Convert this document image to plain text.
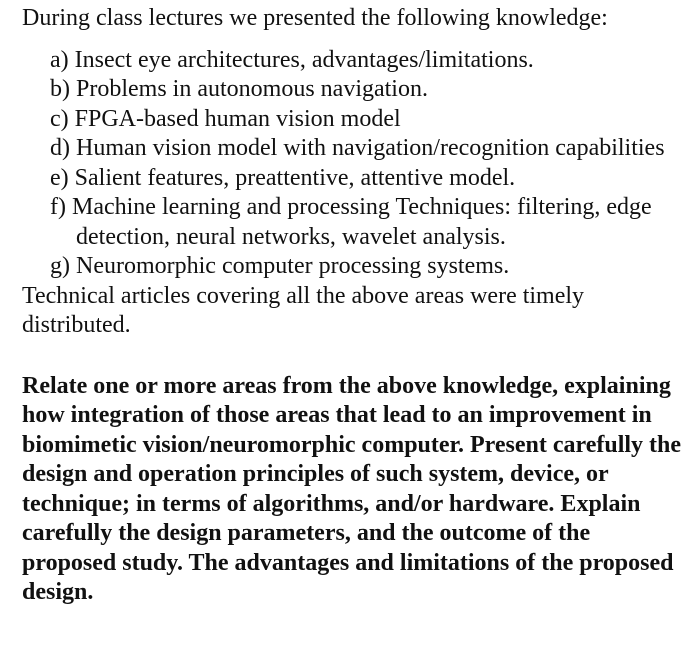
During class lectures we presented the following knowledge:

a) Insect eye architectures, advantages/limitations.
b) Problems in autonomous navigation.
c) FPGA-based human vision model
d) Human vision model with navigation/recognition capabilities
e) Salient features, preattentive, attentive model.
f) Machine learning and processing Techniques: filtering, edge detection, neural networks, wavelet analysis.
g) Neuromorphic computer processing systems.

Technical articles covering all the above areas were timely distributed.

Relate one or more areas from the above knowledge, explaining how integration of those areas that lead to an improvement in biomimetic vision/neuromorphic computer. Present carefully the design and operation principles of such system, device, or technique; in terms of algorithms, and/or hardware. Explain carefully the design parameters, and the outcome of the proposed study. The advantages and limitations of the proposed design.
